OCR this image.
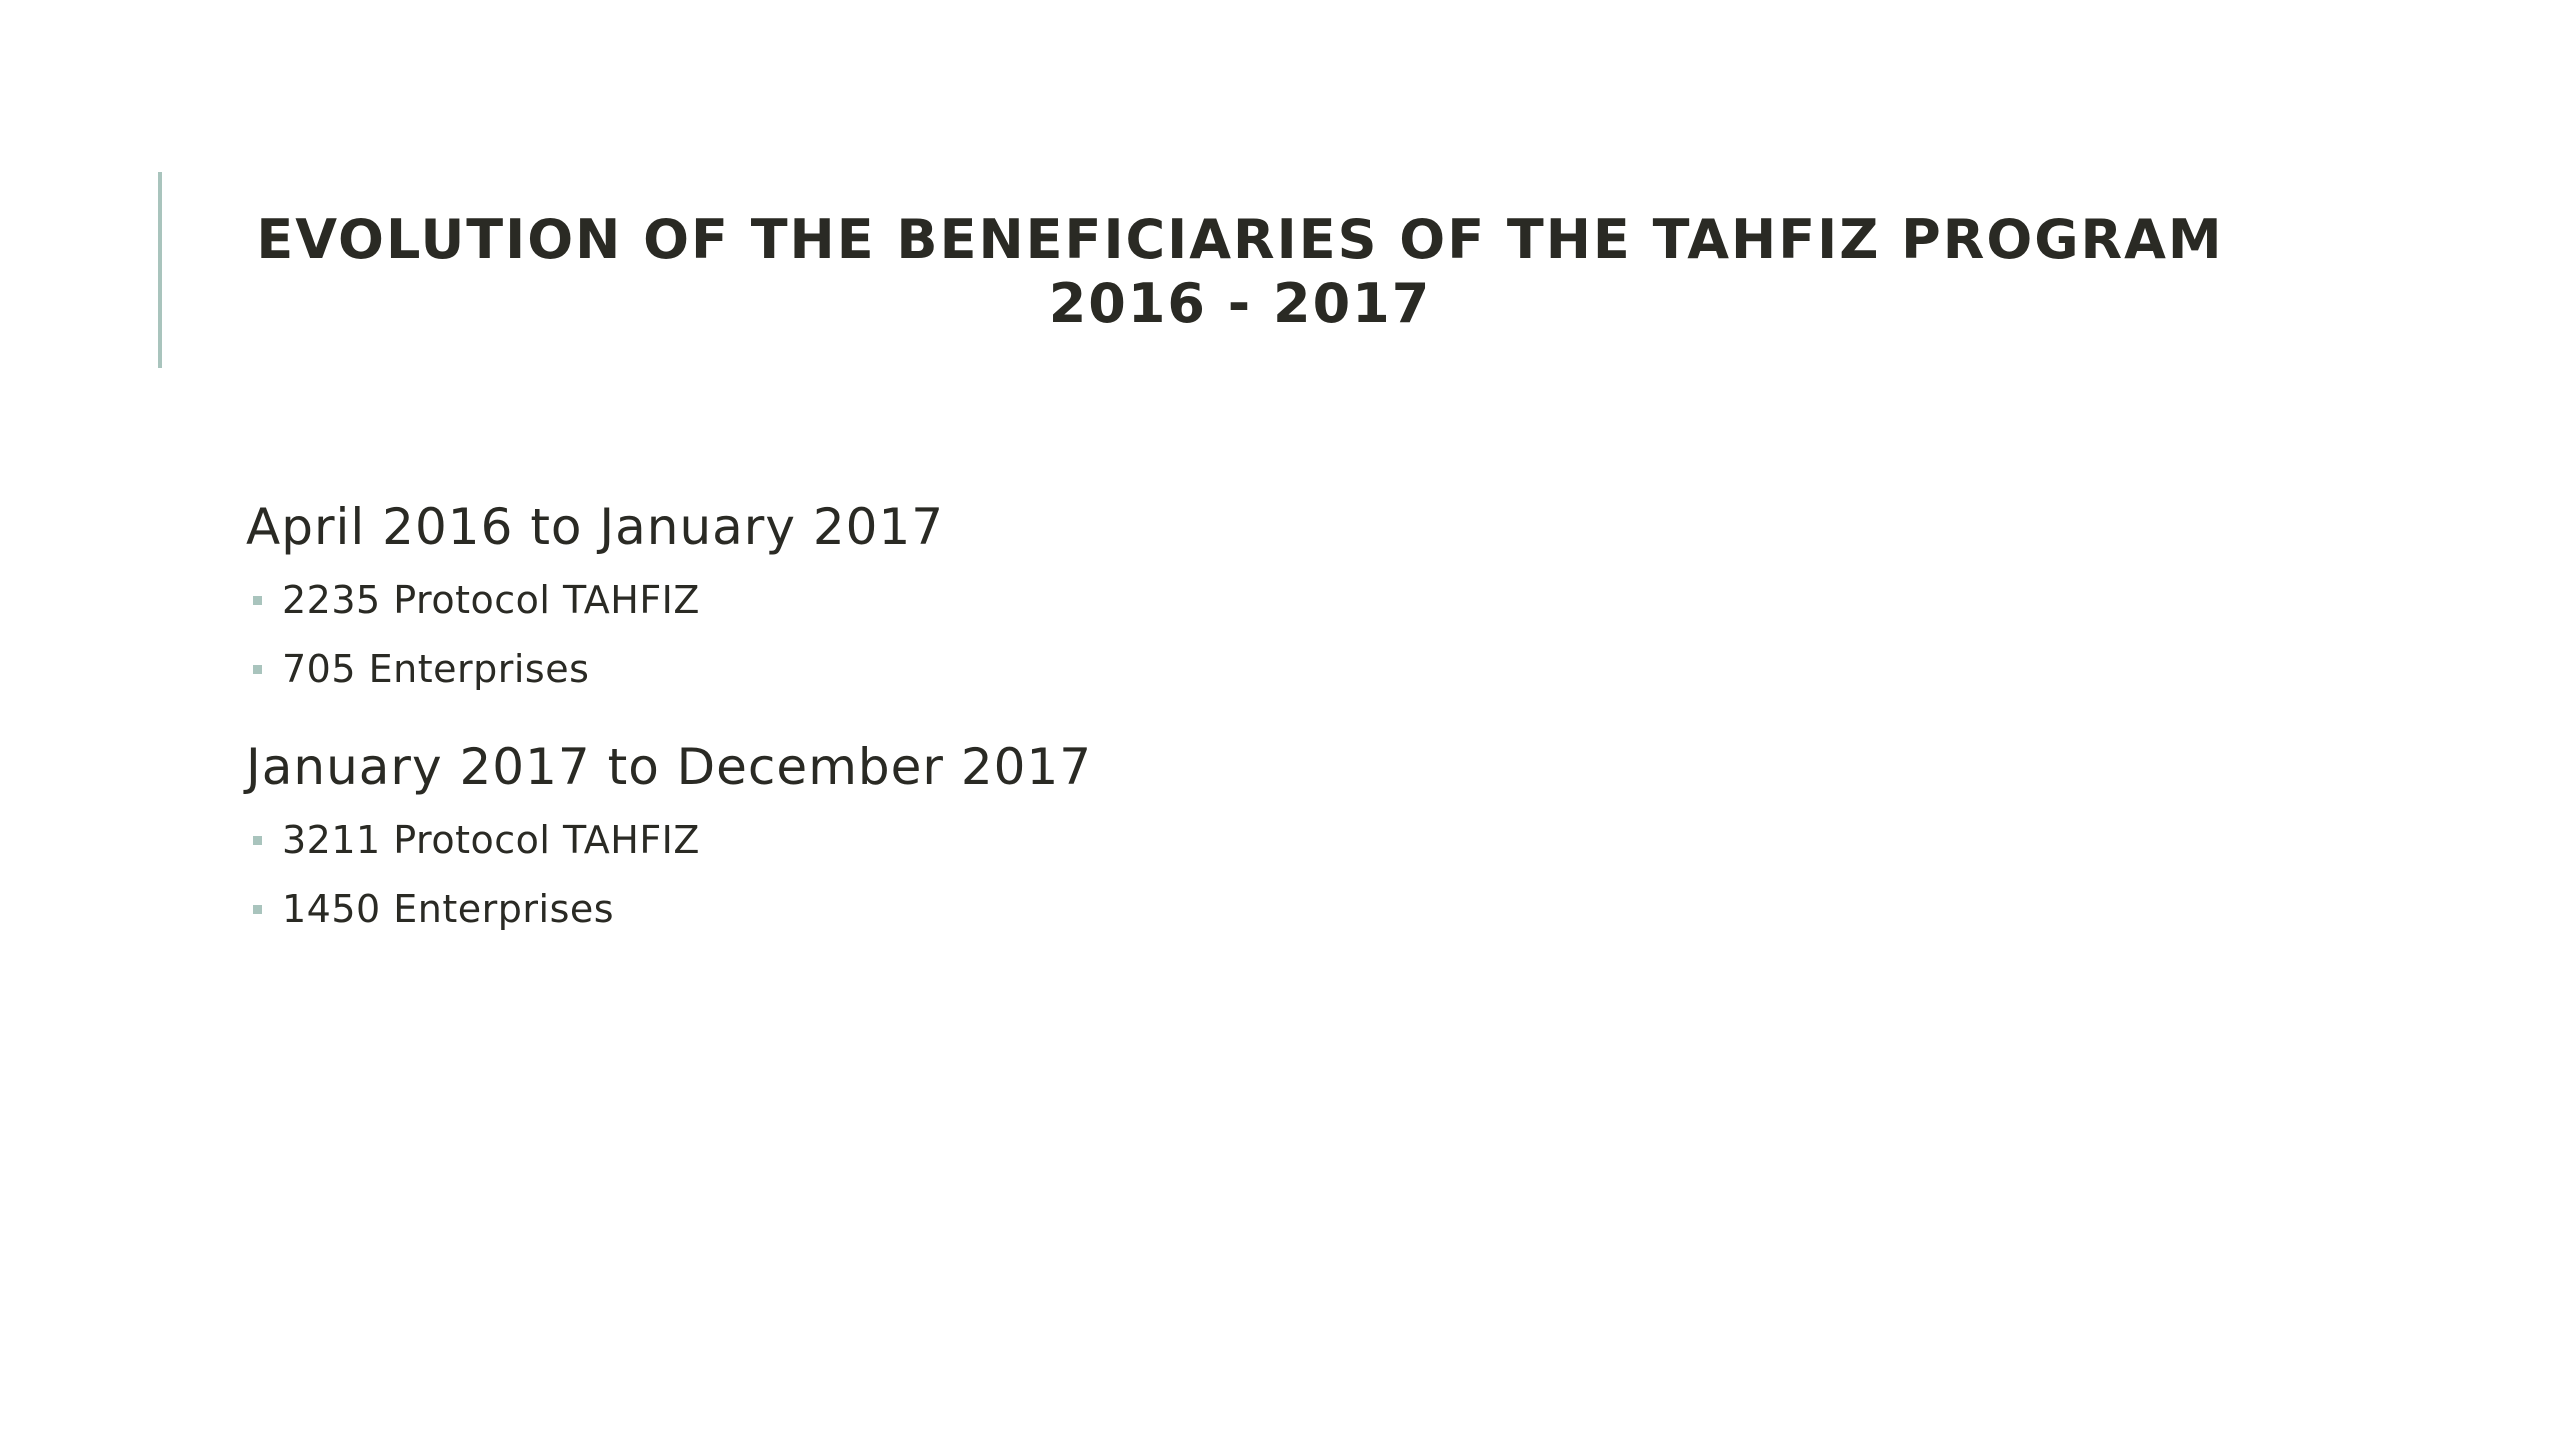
EVOLUTION OF THE BENEFICIARIES OF THE TAHFIZ PROGRAM 2016 - 2017
April 2016 to January 2017
2235 Protocol TAHFIZ
705 Enterprises
January 2017 to December 2017
3211 Protocol TAHFIZ
1450 Enterprises
